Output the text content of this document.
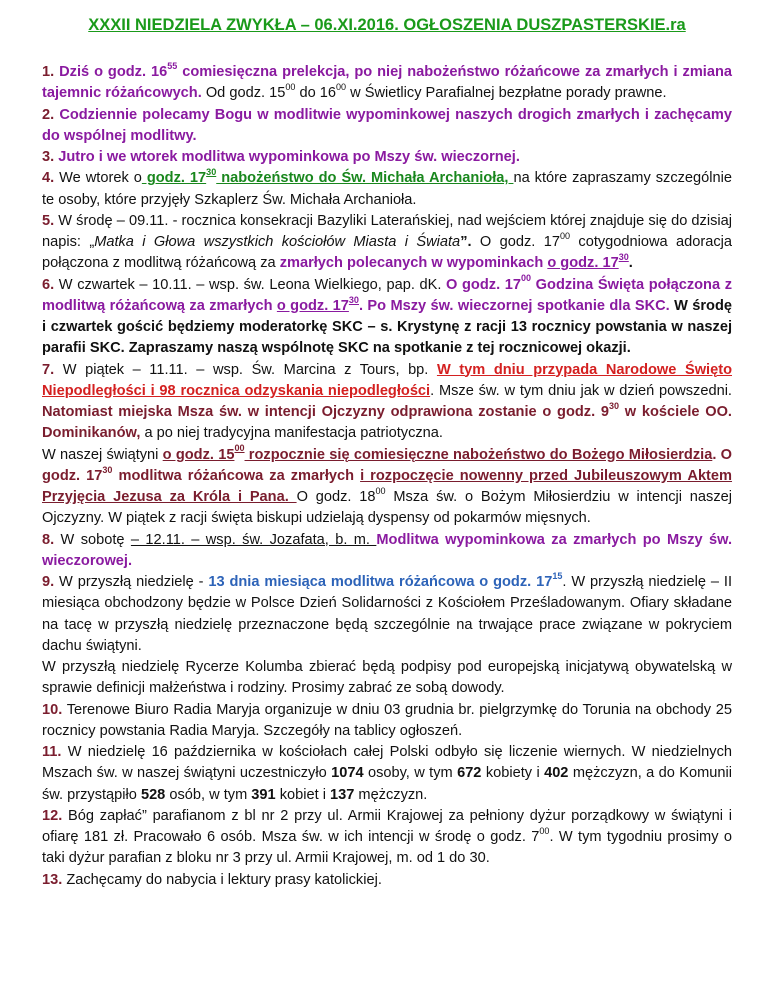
XXXII NIEDZIELA ZWYKŁA – 06.XI.2016. OGŁOSZENIA DUSZPASTERSKIE.ra

1. Dziś o godz. $16^{55}$ comiesięczna prelekcja, po niej nabożeństwo różańcowe za zmarłych i zmiana tajemnic różańcowych. Od godz. $15^{00}$ do $16^{00}$ w Świetlicy Parafialnej bezpłatne porady prawne.

2. Codziennie polecamy Bogu w modlitwie wypominkowej naszych drogich zmarłych i zachęcamy do wspólnej modlitwy.

3. Jutro i we wtorek modlitwa wypominkowa po Mszy św. wieczornej.

4. We wtorek o godz. $17^{30}$ nabożeństwo do Św. Michała Archanioła, na które zapraszamy szczególnie te osoby, które przyjęły Szkaplerz Św. Michała Archanioła.

5. W środę – 09.11. - rocznica konsekracji Bazyliki Laterańskiej, nad wejściem której znajduje się do dzisiaj napis: „Matka i Głowa wszystkich kościołów Miasta i Świata”. O godz. $17^{00}$ cotygodniowa adoracja połączona z modlitwą różańcową za zmarłych polecanych w wypominkach o godz. $17^{30}$.

6. W czwartek – 10.11. – wsp. św. Leona Wielkiego, pap. dK. O godz. $17^{00}$ Godzina Święta połączona z modlitwą różańcową za zmarłych o godz. $17^{30}$. Po Mszy św. wieczornej spotkanie dla SKC. W środę i czwartek gościć będziemy moderatorkę SKC – s. Krystynę z racji 13 rocznicy powstania w naszej parafii SKC. Zapraszamy naszą wspólnotę SKC na spotkanie z tej rocznicowej okazji.

7. W piątek – 11.11. – wsp. Św. Marcina z Tours, bp. W tym dniu przypada Narodowe Święto Niepodległości i 98 rocznica odzyskania niepodległości. Msze św. w tym dniu jak w dzień powszedni. Natomiast miejska Msza św. w intencji Ojczyzny odprawiona zostanie o godz. $9^{30}$ w kościele OO. Dominikanów, a po niej tradycyjna manifestacja patriotyczna.

W naszej świątyni o godz. $15^{00}$ rozpocznie się comiesięczne nabożeństwo do Bożego Miłosierdzia. O godz. $17^{30}$ modlitwa różańcowa za zmarłych i rozpoczęcie nowenny przed Jubileuszowym Aktem Przyjęcia Jezusa za Króla i Pana. O godz. $18^{00}$ Msza św. o Bożym Miłosierdziu w intencji naszej Ojczyzny. W piątek z racji święta biskupi udzielają dyspensy od pokarmów mięsnych.

8. W sobotę – 12.11. – wsp. św. Jozafata, b. m. Modlitwa wypominkowa za zmarłych po Mszy św. wieczorowej.

9. W przyszłą niedzielę - 13 dnia miesiąca modlitwa różańcowa o godz. $17^{15}$. W przyszłą niedzielę – II miesiąca obchodzony będzie w Polsce Dzień Solidarności z Kościołem Prześladowanym. Ofiary składane na tacę w przyszłą niedzielę przeznaczone będą szczególnie na trwające prace związane w pokryciem dachu świątyni.

W przyszłą niedzielę Rycerze Kolumba zbierać będą podpisy pod europejską inicjatywą obywatelską w sprawie definicji małżeństwa i rodziny. Prosimy zabrać ze sobą dowody.

10. Terenowe Biuro Radia Maryja organizuje w dniu 03 grudnia br. pielgrzymkę do Torunia na obchody 25 rocznicy powstania Radia Maryja. Szczegóły na tablicy ogłoszeń.

11. W niedzielę 16 października w kościołach całej Polski odbyło się liczenie wiernych. W niedzielnych Mszach św. w naszej świątyni uczestniczyło 1074 osoby, w tym 672 kobiety i 402 mężczyzn, a do Komunii św. przystąpiło 528 osób, w tym 391 kobiet i 137 mężczyzn.

12. Bóg zapłać” parafianom z bl nr 2 przy ul. Armii Krajowej za pełniony dyżur porządkowy w świątyni i ofiarę 181 zł. Pracowało 6 osób. Msza św. w ich intencji w środę o godz. $7^{00}$. W tym tygodniu prosimy o taki dyżur parafian z bloku nr 3 przy ul. Armii Krajowej, m. od 1 do 30.

13. Zachęcamy do nabycia i lektury prasy katolickiej.
